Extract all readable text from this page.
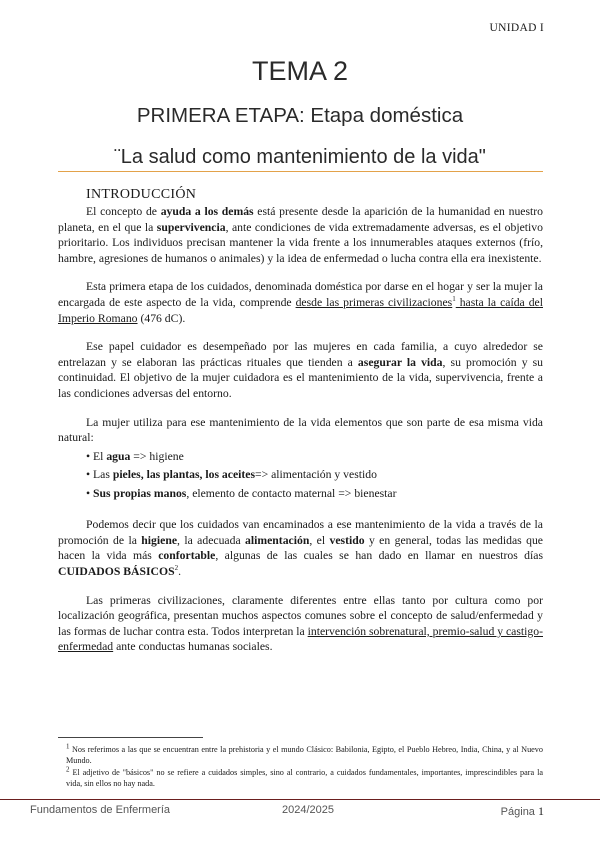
UNIDAD I
TEMA 2
PRIMERA ETAPA: Etapa doméstica
¨La salud como mantenimiento de la vida"
INTRODUCCIÓN

El concepto de ayuda a los demás está presente desde la aparición de la humanidad en nuestro planeta, en el que la supervivencia, ante condiciones de vida extremadamente adversas, es el objetivo prioritario. Los individuos precisan mantener la vida frente a los innumerables ataques externos (frío, hambre, agresiones de humanos o animales) y la idea de enfermedad o lucha contra ella era inexistente.

Esta primera etapa de los cuidados, denominada doméstica por darse en el hogar y ser la mujer la encargada de este aspecto de la vida, comprende desde las primeras civilizaciones$^1$ hasta la caída del Imperio Romano (476 dC).

Ese papel cuidador es desempeñado por las mujeres en cada familia, a cuyo alrededor se entrelazan y se elaboran las prácticas rituales que tienden a asegurar la vida, su promoción y su continuidad. El objetivo de la mujer cuidadora es el mantenimiento de la vida, supervivencia, frente a las condiciones adversas del entorno.

La mujer utiliza para ese mantenimiento de la vida elementos que son parte de esa misma vida natural:

• El agua => higiene
• Las pieles, las plantas, los aceites=> alimentación y vestido
• Sus propias manos, elemento de contacto maternal => bienestar

Podemos decir que los cuidados van encaminados a ese mantenimiento de la vida a través de la promoción de la higiene, la adecuada alimentación, el vestido y en general, todas las medidas que hacen la vida más confortable, algunas de las cuales se han dado en llamar en nuestros días CUIDADOS BÁSICOS$^2$.

Las primeras civilizaciones, claramente diferentes entre ellas tanto por cultura como por localización geográfica, presentan muchos aspectos comunes sobre el concepto de salud/enfermedad y las formas de luchar contra esta. Todos interpretan la intervención sobrenatural, premio-salud y castigo-enfermedad ante conductas humanas sociales.

$^1$ Nos referimos a las que se encuentran entre la prehistoria y el mundo Clásico: Babilonia, Egipto, el Pueblo Hebreo, India, China, y al Nuevo Mundo.
$^2$ El adjetivo de "básicos" no se refiere a cuidados simples, sino al contrario, a cuidados fundamentales, importantes, imprescindibles para la vida, sin ellos no hay nada.
Fundamentos de Enfermería	2024/2025	Página 1
